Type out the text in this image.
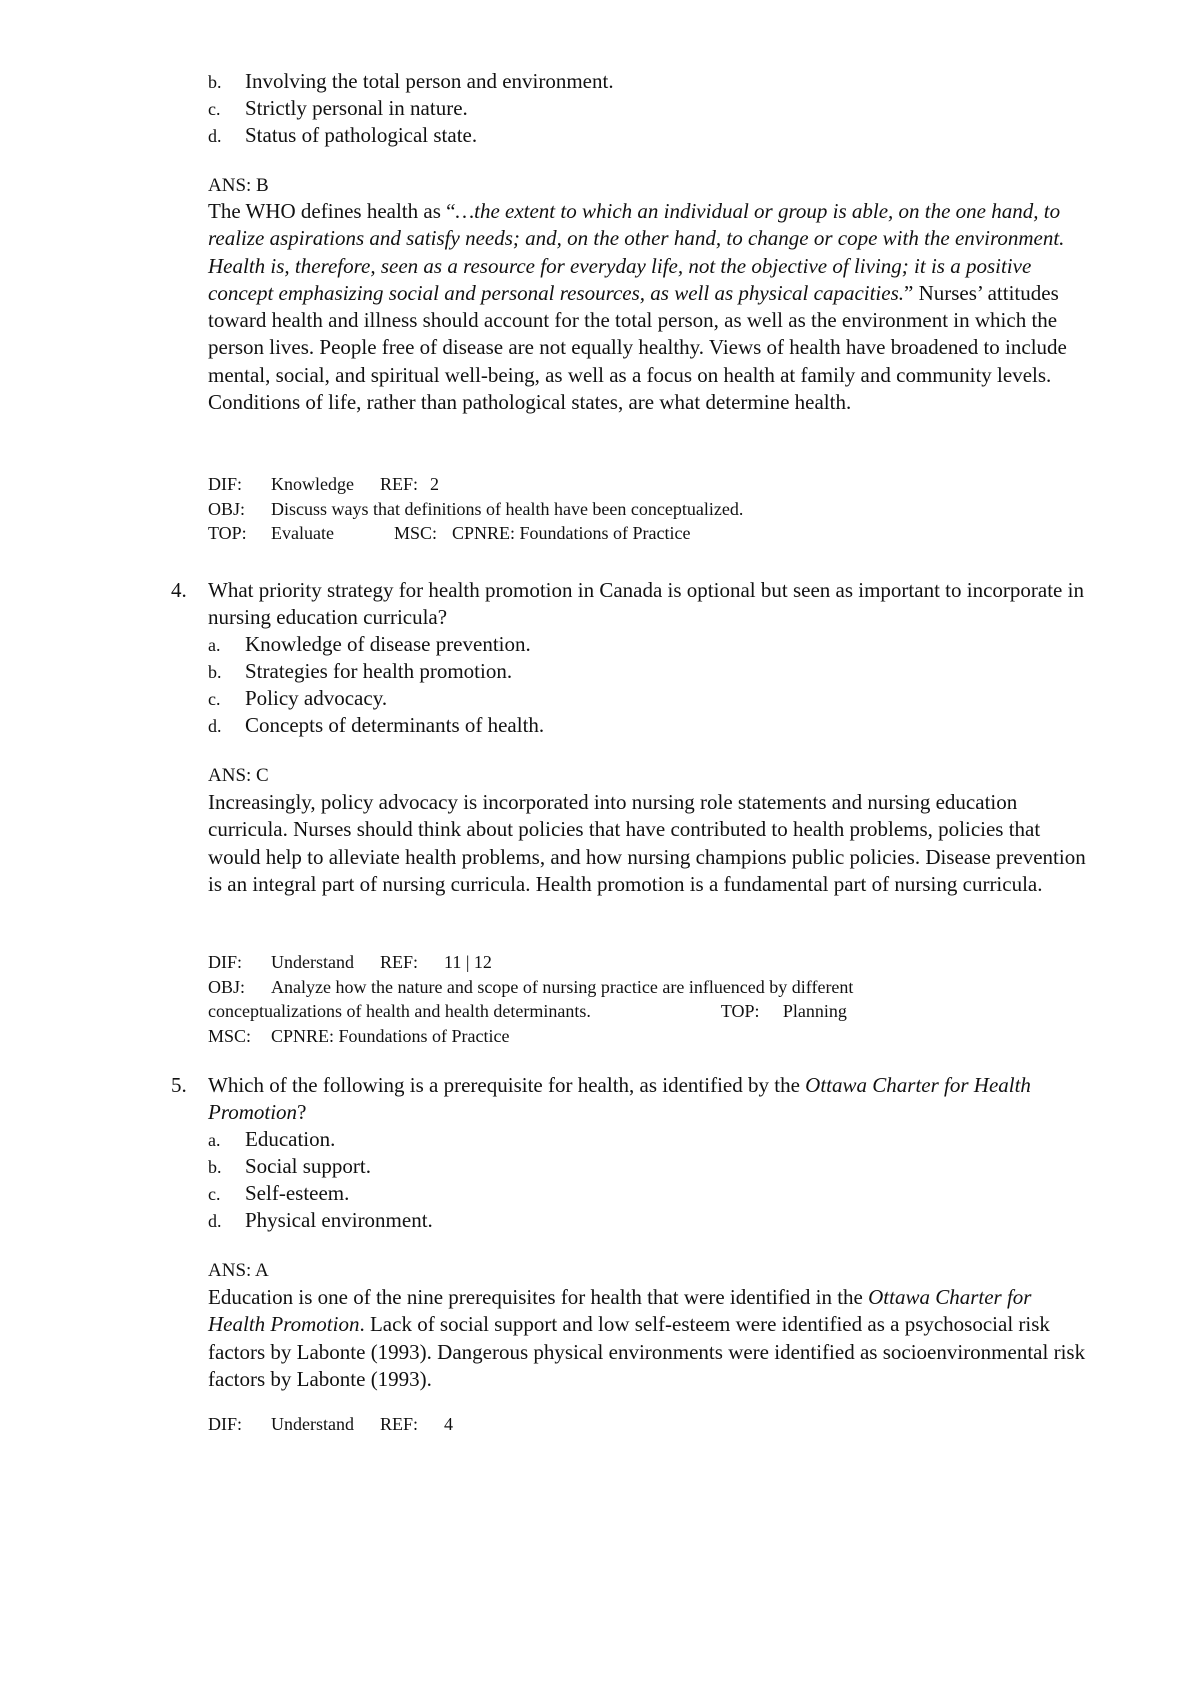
b. Involving the total person and environment.
c. Strictly personal in nature.
d. Status of pathological state.
ANS: B
The WHO defines health as “…the extent to which an individual or group is able, on the one hand, to realize aspirations and satisfy needs; and, on the other hand, to change or cope with the environment. Health is, therefore, seen as a resource for everyday life, not the objective of living; it is a positive concept emphasizing social and personal resources, as well as physical capacities.” Nurses’ attitudes toward health and illness should account for the total person, as well as the environment in which the person lives. People free of disease are not equally healthy. Views of health have broadened to include mental, social, and spiritual well-being, as well as a focus on health at family and community levels. Conditions of life, rather than pathological states, are what determine health.
DIF: Knowledge REF: 2
OBJ: Discuss ways that definitions of health have been conceptualized.
TOP: Evaluate	MSC: CPNRE: Foundations of Practice
4. What priority strategy for health promotion in Canada is optional but seen as important to incorporate in nursing education curricula?
a. Knowledge of disease prevention.
b. Strategies for health promotion.
c. Policy advocacy.
d. Concepts of determinants of health.
ANS: C
Increasingly, policy advocacy is incorporated into nursing role statements and nursing education curricula. Nurses should think about policies that have contributed to health problems, policies that would help to alleviate health problems, and how nursing champions public policies. Disease prevention is an integral part of nursing curricula. Health promotion is a fundamental part of nursing curricula.
DIF: Understand REF: 11 | 12
OBJ: Analyze how the nature and scope of nursing practice are influenced by different
conceptualizations of health and health determinants.	TOP: Planning
MSC: CPNRE: Foundations of Practice
5. Which of the following is a prerequisite for health, as identified by the Ottawa Charter for Health Promotion?
a. Education.
b. Social support.
c. Self-esteem.
d. Physical environment.
ANS: A
Education is one of the nine prerequisites for health that were identified in the Ottawa Charter for Health Promotion. Lack of social support and low self-esteem were identified as a psychosocial risk factors by Labonte (1993). Dangerous physical environments were identified as socioenvironmental risk factors by Labonte (1993).
DIF: Understand REF: 4
